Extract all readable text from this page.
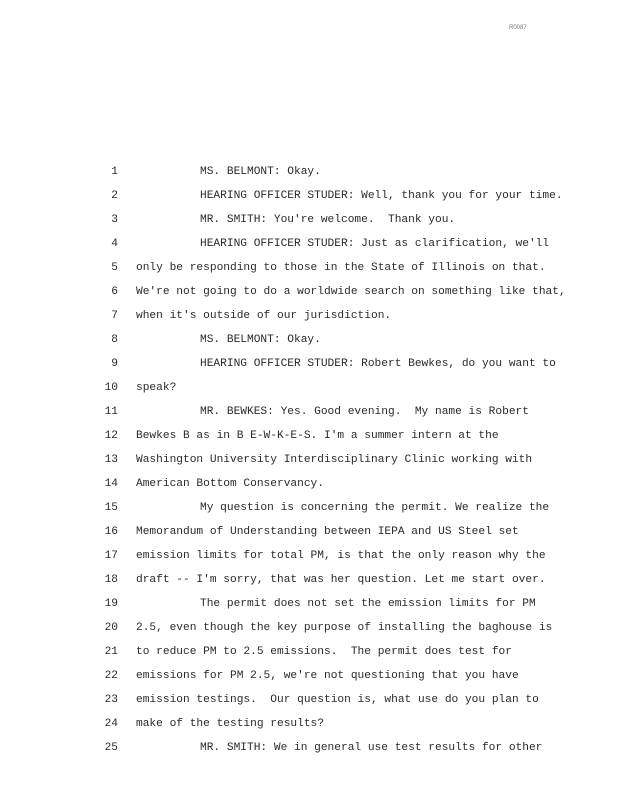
R0087
1	MS. BELMONT: Okay.
2	HEARING OFFICER STUDER: Well, thank you for your time.
3	MR. SMITH: You're welcome.  Thank you.
4	HEARING OFFICER STUDER: Just as clarification, we'll
5 only be responding to those in the State of Illinois on that.
6 We're not going to do a worldwide search on something like that,
7 when it's outside of our jurisdiction.
8	MS. BELMONT: Okay.
9	HEARING OFFICER STUDER: Robert Bewkes, do you want to
10 speak?
11	MR. BEWKES: Yes. Good evening.  My name is Robert
12 Bewkes B as in B E-W-K-E-S. I'm a summer intern at the
13 Washington University Interdisciplinary Clinic working with
14 American Bottom Conservancy.
15	My question is concerning the permit. We realize the
16 Memorandum of Understanding between IEPA and US Steel set
17 emission limits for total PM, is that the only reason why the
18 draft -- I'm sorry, that was her question. Let me start over.
19	The permit does not set the emission limits for PM
20 2.5, even though the key purpose of installing the baghouse is
21 to reduce PM to 2.5 emissions.  The permit does test for
22 emissions for PM 2.5, we're not questioning that you have
23 emission testings.  Our question is, what use do you plan to
24 make of the testing results?
25	MR. SMITH: We in general use test results for other
